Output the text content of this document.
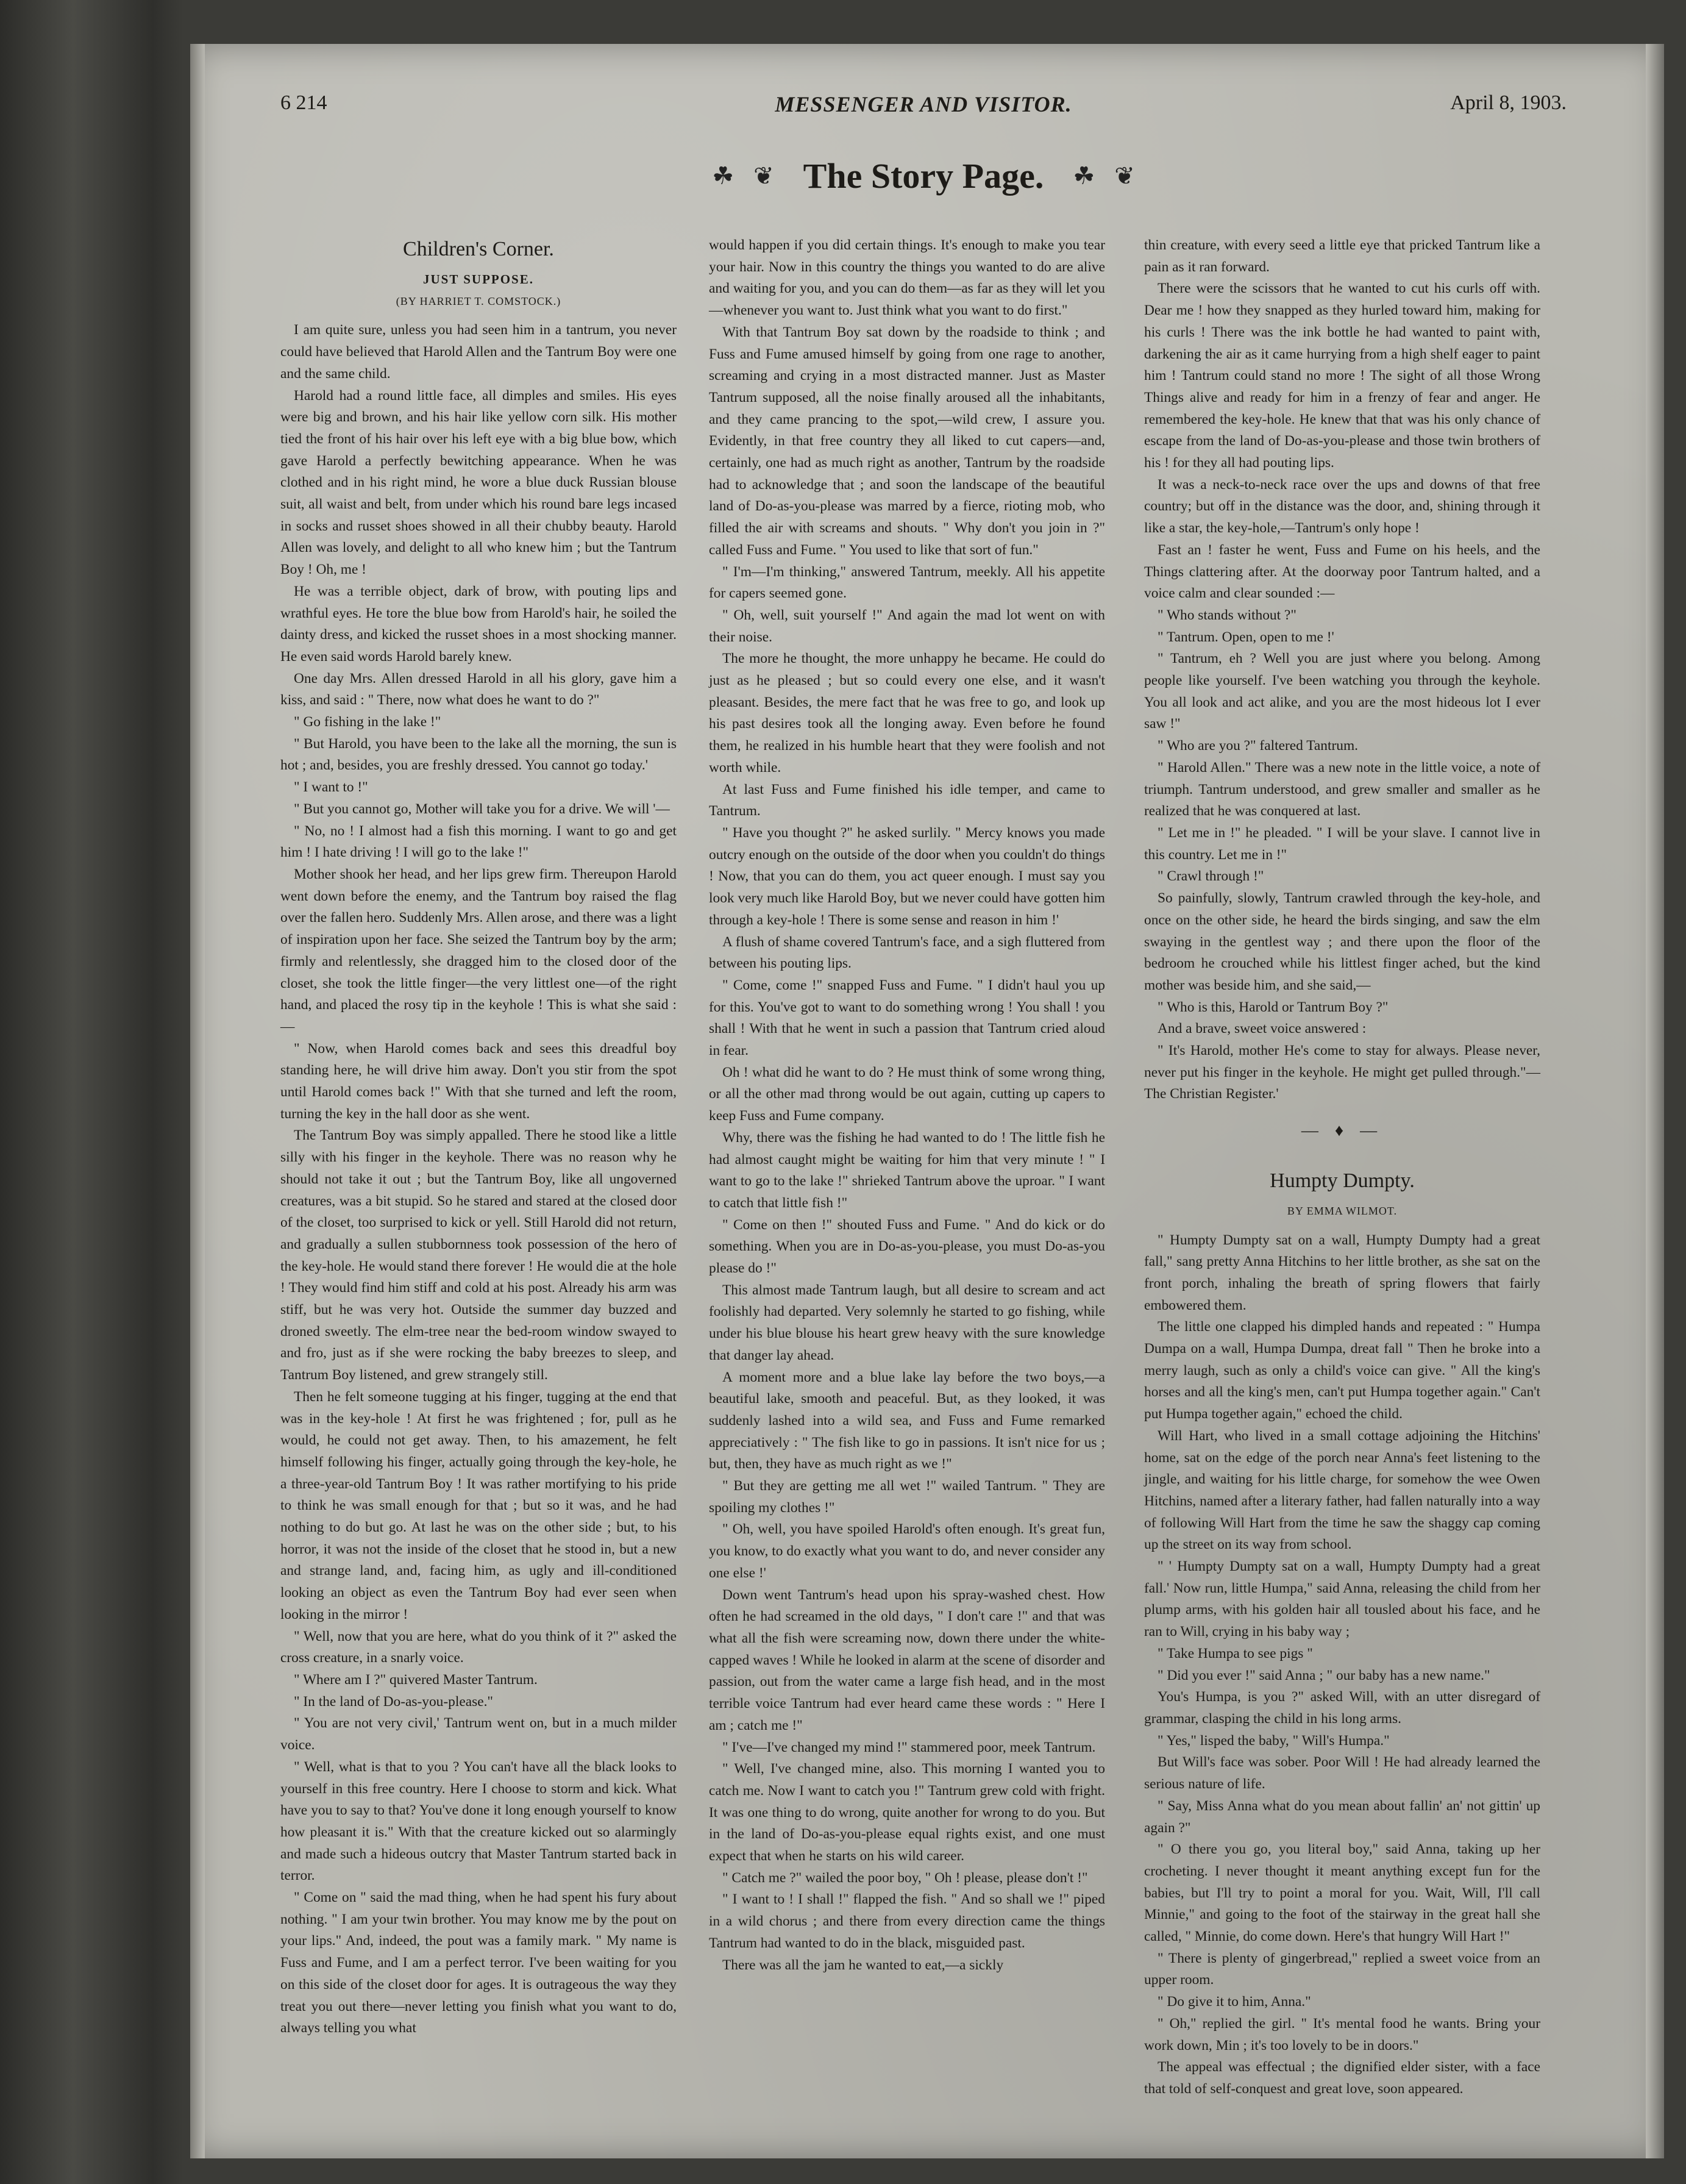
6 214	MESSENGER AND VISITOR.	April 8, 1903.
☘ ❦ The Story Page. ☘ ❦
Children's Corner.
JUST SUPPOSE.
(BY HARRIET T. COMSTOCK.)

I am quite sure, unless you had seen him in a tantrum, you never could have believed that Harold Allen and the Tantrum Boy were one and the same child.

Harold had a round little face, all dimples and smiles. His eyes were big and brown, and his hair like yellow corn silk. His mother tied the front of his hair over his left eye with a big blue bow, which gave Harold a perfectly bewitching appearance. When he was clothed and in his right mind, he wore a blue duck Russian blouse suit, all waist and belt, from under which his round bare legs incased in socks and russet shoes showed in all their chubby beauty. Harold Allen was lovely, and delight to all who knew him ; but the Tantrum Boy ! Oh, me !

He was a terrible object, dark of brow, with pouting lips and wrathful eyes. He tore the blue bow from Harold's hair, he soiled the dainty dress, and kicked the russet shoes in a most shocking manner. He even said words Harold barely knew.

One day Mrs. Allen dressed Harold in all his glory, gave him a kiss, and said : " There, now what does he want to do ?"

" Go fishing in the lake !"

" But Harold, you have been to the lake all the morning, the sun is hot ; and, besides, you are freshly dressed. You cannot go today.'

" I want to !"

" But you cannot go, Mother will take you for a drive. We will '—

" No, no ! I almost had a fish this morning. I want to go and get him ! I hate driving ! I will go to the lake !"

Mother shook her head, and her lips grew firm. Thereupon Harold went down before the enemy, and the Tantrum boy raised the flag over the fallen hero. Suddenly Mrs. Allen arose, and there was a light of inspiration upon her face. She seized the Tantrum boy by the arm; firmly and relentlessly, she dragged him to the closed door of the closet, she took the little finger—the very littlest one—of the right hand, and placed the rosy tip in the keyhole ! This is what she said :—

" Now, when Harold comes back and sees this dreadful boy standing here, he will drive him away. Don't you stir from the spot until Harold comes back !" With that she turned and left the room, turning the key in the hall door as she went.

The Tantrum Boy was simply appalled. There he stood like a little silly with his finger in the keyhole. There was no reason why he should not take it out ; but the Tantrum Boy, like all ungoverned creatures, was a bit stupid. So he stared and stared at the closed door of the closet, too surprised to kick or yell. Still Harold did not return, and gradually a sullen stubbornness took possession of the hero of the key-hole. He would stand there forever ! He would die at the hole ! They would find him stiff and cold at his post. Already his arm was stiff, but he was very hot. Outside the summer day buzzed and droned sweetly. The elm-tree near the bed-room window swayed to and fro, just as if she were rocking the baby breezes to sleep, and Tantrum Boy listened, and grew strangely still.

Then he felt someone tugging at his finger, tugging at the end that was in the key-hole ! At first he was frightened ; for, pull as he would, he could not get away. Then, to his amazement, he felt himself following his finger, actually going through the key-hole, he a three-year-old Tantrum Boy ! It was rather mortifying to his pride to think he was small enough for that ; but so it was, and he had nothing to do but go. At last he was on the other side ; but, to his horror, it was not the inside of the closet that he stood in, but a new and strange land, and, facing him, as ugly and ill-conditioned looking an object as even the Tantrum Boy had ever seen when looking in the mirror !

" Well, now that you are here, what do you think of it ?" asked the cross creature, in a snarly voice.

" Where am I ?" quivered Master Tantrum.

" In the land of Do-as-you-please."

" You are not very civil,' Tantrum went on, but in a much milder voice.

" Well, what is that to you ? You can't have all the black looks to yourself in this free country. Here I choose to storm and kick. What have you to say to that? You've done it long enough yourself to know how pleasant it is." With that the creature kicked out so alarmingly and made such a hideous outcry that Master Tantrum started back in terror.

" Come on " said the mad thing, when he had spent his fury about nothing. " I am your twin brother. You may know me by the pout on your lips." And, indeed, the pout was a family mark. " My name is Fuss and Fume, and I am a perfect terror. I've been waiting for you on this side of the closet door for ages. It is outrageous the way they treat you out there—never letting you finish what you want to do, always telling you what

would happen if you did certain things. It's enough to make you tear your hair. Now in this country the things you wanted to do are alive and waiting for you, and you can do them—as far as they will let you—whenever you want to. Just think what you want to do first."

With that Tantrum Boy sat down by the roadside to think ; and Fuss and Fume amused himself by going from one rage to another, screaming and crying in a most distracted manner. Just as Master Tantrum supposed, all the noise finally aroused all the inhabitants, and they came prancing to the spot,—wild crew, I assure you. Evidently, in that free country they all liked to cut capers—and, certainly, one had as much right as another, Tantrum by the roadside had to acknowledge that ; and soon the landscape of the beautiful land of Do-as-you-please was marred by a fierce, rioting mob, who filled the air with screams and shouts. " Why don't you join in ?" called Fuss and Fume. " You used to like that sort of fun."

" I'm—I'm thinking," answered Tantrum, meekly. All his appetite for capers seemed gone.

" Oh, well, suit yourself !" And again the mad lot went on with their noise.

The more he thought, the more unhappy he became. He could do just as he pleased ; but so could every one else, and it wasn't pleasant. Besides, the mere fact that he was free to go, and look up his past desires took all the longing away. Even before he found them, he realized in his humble heart that they were foolish and not worth while.

At last Fuss and Fume finished his idle temper, and came to Tantrum.

" Have you thought ?" he asked surlily. " Mercy knows you made outcry enough on the outside of the door when you couldn't do things ! Now, that you can do them, you act queer enough. I must say you look very much like Harold Boy, but we never could have gotten him through a key-hole ! There is some sense and reason in him !'

A flush of shame covered Tantrum's face, and a sigh fluttered from between his pouting lips.

" Come, come !" snapped Fuss and Fume. " I didn't haul you up for this. You've got to want to do something wrong ! You shall ! you shall ! With that he went in such a passion that Tantrum cried aloud in fear.

Oh ! what did he want to do ? He must think of some wrong thing, or all the other mad throng would be out again, cutting up capers to keep Fuss and Fume company.

Why, there was the fishing he had wanted to do ! The little fish he had almost caught might be waiting for him that very minute ! " I want to go to the lake !" shrieked Tantrum above the uproar. " I want to catch that little fish !"

" Come on then !" shouted Fuss and Fume. " And do kick or do something. When you are in Do-as-you-please, you must Do-as-you please do !"

This almost made Tantrum laugh, but all desire to scream and act foolishly had departed. Very solemnly he started to go fishing, while under his blue blouse his heart grew heavy with the sure knowledge that danger lay ahead.

A moment more and a blue lake lay before the two boys,—a beautiful lake, smooth and peaceful. But, as they looked, it was suddenly lashed into a wild sea, and Fuss and Fume remarked appreciatively : " The fish like to go in passions. It isn't nice for us ; but, then, they have as much right as we !"

" But they are getting me all wet !" wailed Tantrum. " They are spoiling my clothes !"

" Oh, well, you have spoiled Harold's often enough. It's great fun, you know, to do exactly what you want to do, and never consider any one else !'

Down went Tantrum's head upon his spray-washed chest. How often he had screamed in the old days, " I don't care !" and that was what all the fish were screaming now, down there under the white-capped waves ! While he looked in alarm at the scene of disorder and passion, out from the water came a large fish head, and in the most terrible voice Tantrum had ever heard came these words : " Here I am ; catch me !"

" I've—I've changed my mind !" stammered poor, meek Tantrum.

" Well, I've changed mine, also. This morning I wanted you to catch me. Now I want to catch you !" Tantrum grew cold with fright. It was one thing to do wrong, quite another for wrong to do you. But in the land of Do-as-you-please equal rights exist, and one must expect that when he starts on his wild career.

" Catch me ?" wailed the poor boy, " Oh ! please, please don't !"

" I want to ! I shall !" flapped the fish. " And so shall we !" piped in a wild chorus ; and there from every direction came the things Tantrum had wanted to do in the black, misguided past.

There was all the jam he wanted to eat,—a sickly

thin creature, with every seed a little eye that pricked Tantrum like a pain as it ran forward.

There were the scissors that he wanted to cut his curls off with. Dear me ! how they snapped as they hurled toward him, making for his curls ! There was the ink bottle he had wanted to paint with, darkening the air as it came hurrying from a high shelf eager to paint him ! Tantrum could stand no more ! The sight of all those Wrong Things alive and ready for him in a frenzy of fear and anger. He remembered the key-hole. He knew that that was his only chance of escape from the land of Do-as-you-please and those twin brothers of his ! for they all had pouting lips.

It was a neck-to-neck race over the ups and downs of that free country; but off in the distance was the door, and, shining through it like a star, the key-hole,—Tantrum's only hope !

Fast an ! faster he went, Fuss and Fume on his heels, and the Things clattering after. At the doorway poor Tantrum halted, and a voice calm and clear sounded :—

" Who stands without ?"

" Tantrum. Open, open to me !'

" Tantrum, eh ? Well you are just where you belong. Among people like yourself. I've been watching you through the keyhole. You all look and act alike, and you are the most hideous lot I ever saw !"

" Who are you ?" faltered Tantrum.

" Harold Allen." There was a new note in the little voice, a note of triumph. Tantrum understood, and grew smaller and smaller as he realized that he was conquered at last.

" Let me in !" he pleaded. " I will be your slave. I cannot live in this country. Let me in !"

" Crawl through !"

So painfully, slowly, Tantrum crawled through the key-hole, and once on the other side, he heard the birds singing, and saw the elm swaying in the gentlest way ; and there upon the floor of the bedroom he crouched while his littlest finger ached, but the kind mother was beside him, and she said,—

" Who is this, Harold or Tantrum Boy ?"

And a brave, sweet voice answered :

" It's Harold, mother He's come to stay for always. Please never, never put his finger in the keyhole. He might get pulled through."—The Christian Register.'

— ♦ —
Humpty Dumpty.
BY EMMA WILMOT.

" Humpty Dumpty sat on a wall, Humpty Dumpty had a great fall," sang pretty Anna Hitchins to her little brother, as she sat on the front porch, inhaling the breath of spring flowers that fairly embowered them.

The little one clapped his dimpled hands and repeated : " Humpa Dumpa on a wall, Humpa Dumpa, dreat fall " Then he broke into a merry laugh, such as only a child's voice can give. " All the king's horses and all the king's men, can't put Humpa together again." Can't put Humpa together again," echoed the child.

Will Hart, who lived in a small cottage adjoining the Hitchins' home, sat on the edge of the porch near Anna's feet listening to the jingle, and waiting for his little charge, for somehow the wee Owen Hitchins, named after a literary father, had fallen naturally into a way of following Will Hart from the time he saw the shaggy cap coming up the street on its way from school.

" ' Humpty Dumpty sat on a wall, Humpty Dumpty had a great fall.' Now run, little Humpa," said Anna, releasing the child from her plump arms, with his golden hair all tousled about his face, and he ran to Will, crying in his baby way ;

" Take Humpa to see pigs "

" Did you ever !" said Anna ; " our baby has a new name."

You's Humpa, is you ?" asked Will, with an utter disregard of grammar, clasping the child in his long arms.

" Yes," lisped the baby, " Will's Humpa."

But Will's face was sober. Poor Will ! He had already learned the serious nature of life.

" Say, Miss Anna what do you mean about fallin' an' not gittin' up again ?"

" O there you go, you literal boy," said Anna, taking up her crocheting. I never thought it meant anything except fun for the babies, but I'll try to point a moral for you. Wait, Will, I'll call Minnie," and going to the foot of the stairway in the great hall she called, " Minnie, do come down. Here's that hungry Will Hart !"

" There is plenty of gingerbread," replied a sweet voice from an upper room.

" Do give it to him, Anna."

" Oh," replied the girl. " It's mental food he wants. Bring your work down, Min ; it's too lovely to be in doors."

The appeal was effectual ; the dignified elder sister, with a face that told of self-conquest and great love, soon appeared.
